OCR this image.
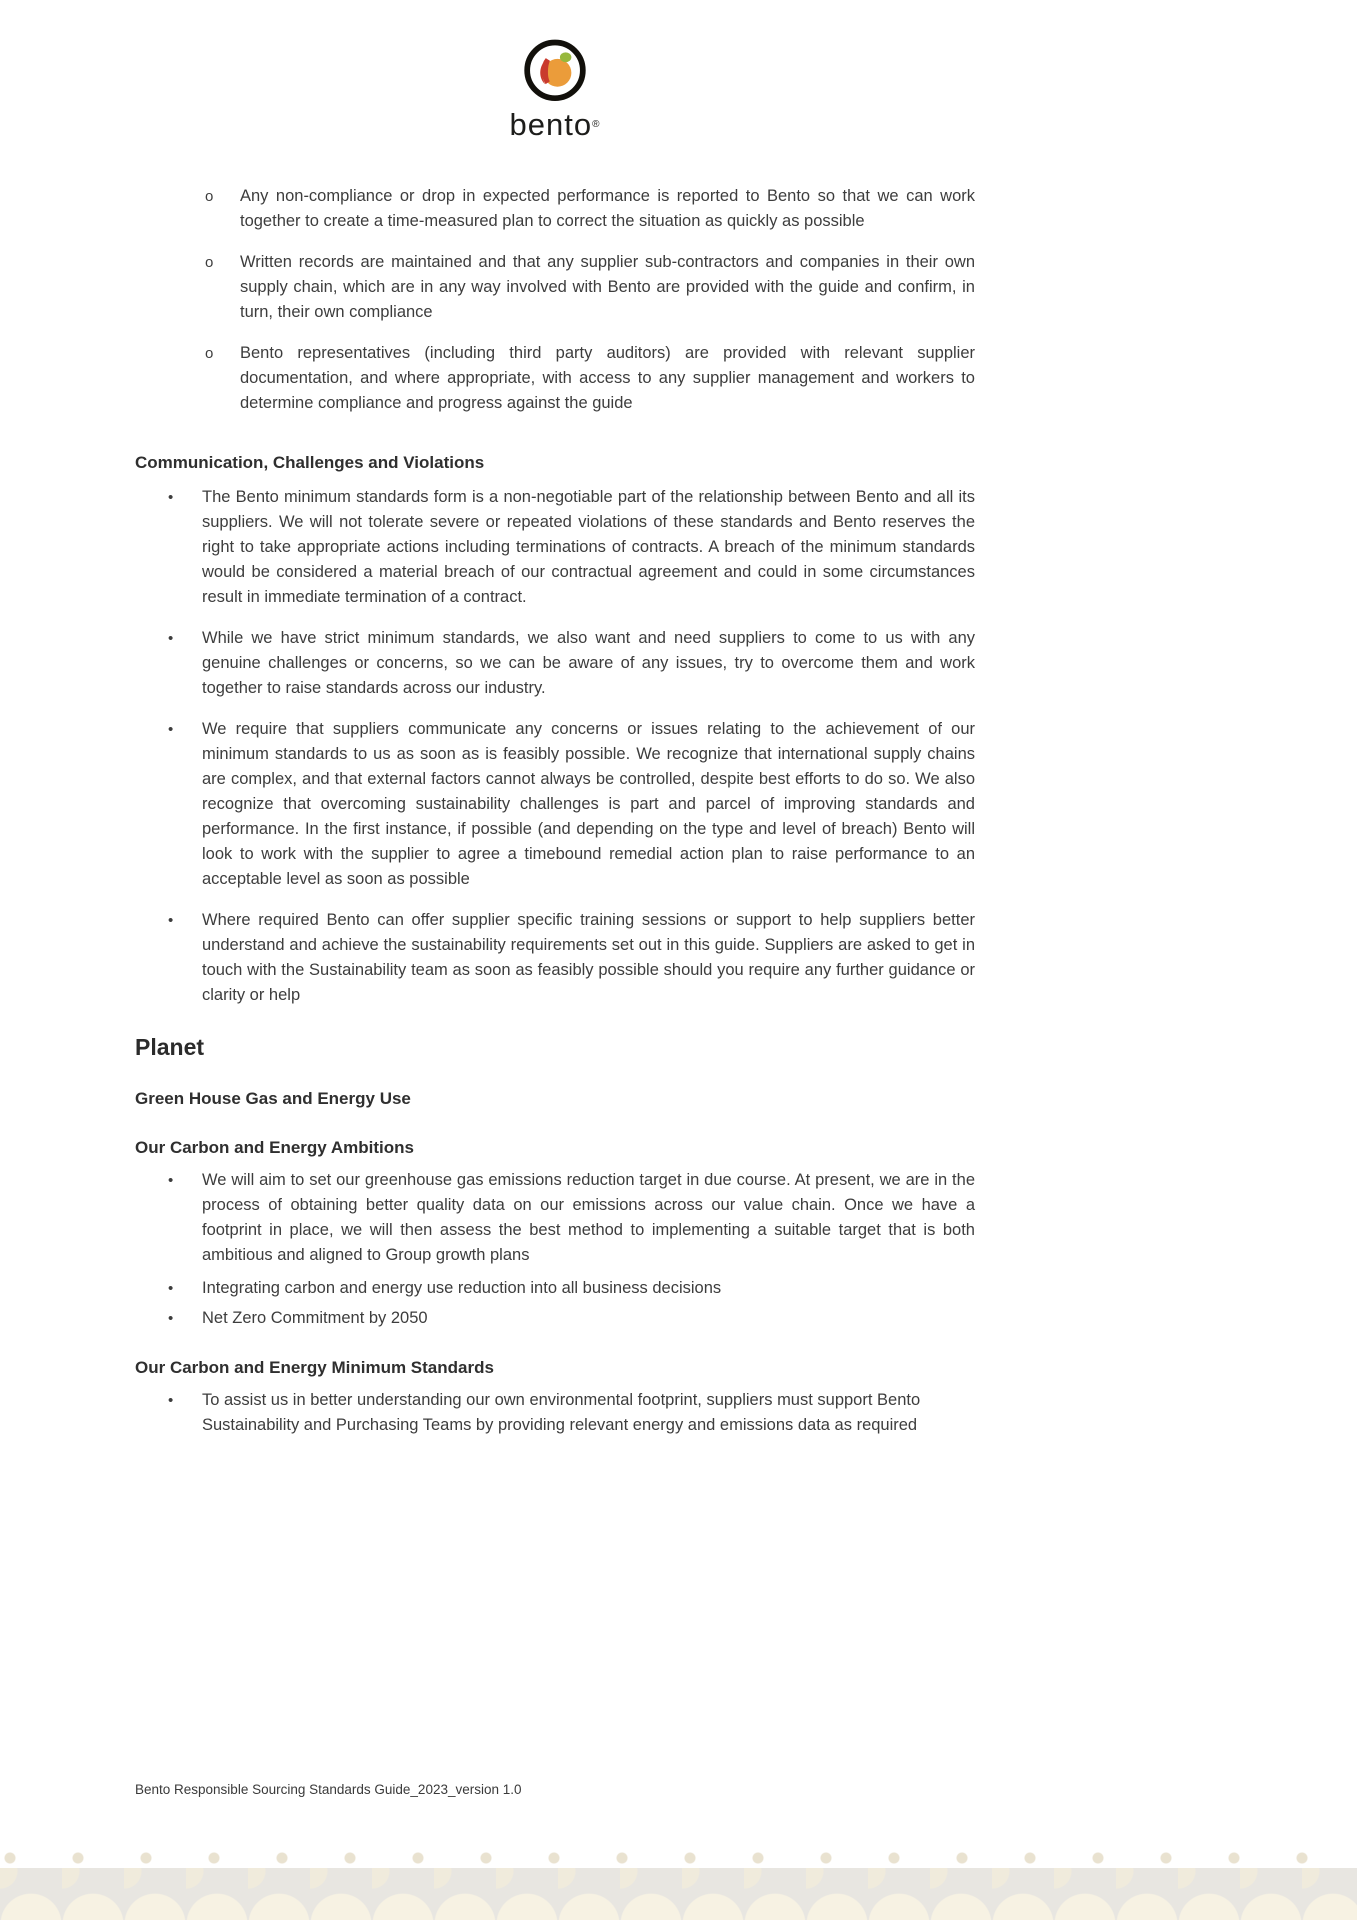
bento®
o	Any non-compliance or drop in expected performance is reported to Bento so that we can work together to create a time-measured plan to correct the situation as quickly as possible
o	Written records are maintained and that any supplier sub-contractors and companies in their own supply chain, which are in any way involved with Bento are provided with the guide and confirm, in turn, their own compliance
o	Bento representatives (including third party auditors) are provided with relevant supplier documentation, and where appropriate, with access to any supplier management and workers to determine compliance and progress against the guide
Communication, Challenges and Violations
•	The Bento minimum standards form is a non-negotiable part of the relationship between Bento and all its suppliers. We will not tolerate severe or repeated violations of these standards and Bento reserves the right to take appropriate actions including terminations of contracts. A breach of the minimum standards would be considered a material breach of our contractual agreement and could in some circumstances result in immediate termination of a contract.
•	While we have strict minimum standards, we also want and need suppliers to come to us with any genuine challenges or concerns, so we can be aware of any issues, try to overcome them and work together to raise standards across our industry.
•	We require that suppliers communicate any concerns or issues relating to the achievement of our minimum standards to us as soon as is feasibly possible. We recognize that international supply chains are complex, and that external factors cannot always be controlled, despite best efforts to do so. We also recognize that overcoming sustainability challenges is part and parcel of improving standards and performance. In the first instance, if possible (and depending on the type and level of breach) Bento will look to work with the supplier to agree a timebound remedial action plan to raise performance to an acceptable level as soon as possible
•	Where required Bento can offer supplier specific training sessions or support to help suppliers better understand and achieve the sustainability requirements set out in this guide. Suppliers are asked to get in touch with the Sustainability team as soon as feasibly possible should you require any further guidance or clarity or help
Planet
Green House Gas and Energy Use
Our Carbon and Energy Ambitions
•	We will aim to set our greenhouse gas emissions reduction target in due course. At present, we are in the process of obtaining better quality data on our emissions across our value chain. Once we have a footprint in place, we will then assess the best method to implementing a suitable target that is both ambitious and aligned to Group growth plans
•	Integrating carbon and energy use reduction into all business decisions
•	Net Zero Commitment by 2050
Our Carbon and Energy Minimum Standards
•	To assist us in better understanding our own environmental footprint, suppliers must support Bento Sustainability and Purchasing Teams by providing relevant energy and emissions data as required
Bento Responsible Sourcing Standards Guide_2023_version 1.0
